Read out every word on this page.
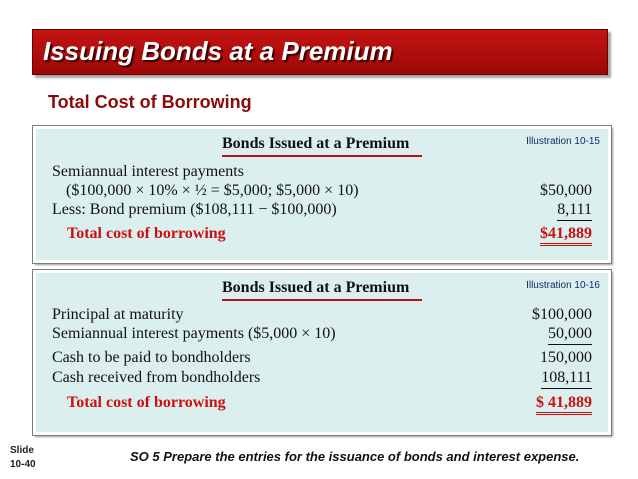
Issuing Bonds at a Premium
Total Cost of Borrowing
Bonds Issued at a Premium	Illustration 10-15
Semiannual interest payments
($100,000 × 10% × ½ = $5,000; $5,000 × 10)	$50,000
Less: Bond premium ($108,111 − $100,000)	8,111
Total cost of borrowing	$41,889
Bonds Issued at a Premium	Illustration 10-16
Principal at maturity	$100,000
Semiannual interest payments ($5,000 × 10)	50,000
Cash to be paid to bondholders	150,000
Cash received from bondholders	108,111
Total cost of borrowing	$ 41,889
Slide
10-40
SO 5 Prepare the entries for the issuance of bonds and interest expense.
